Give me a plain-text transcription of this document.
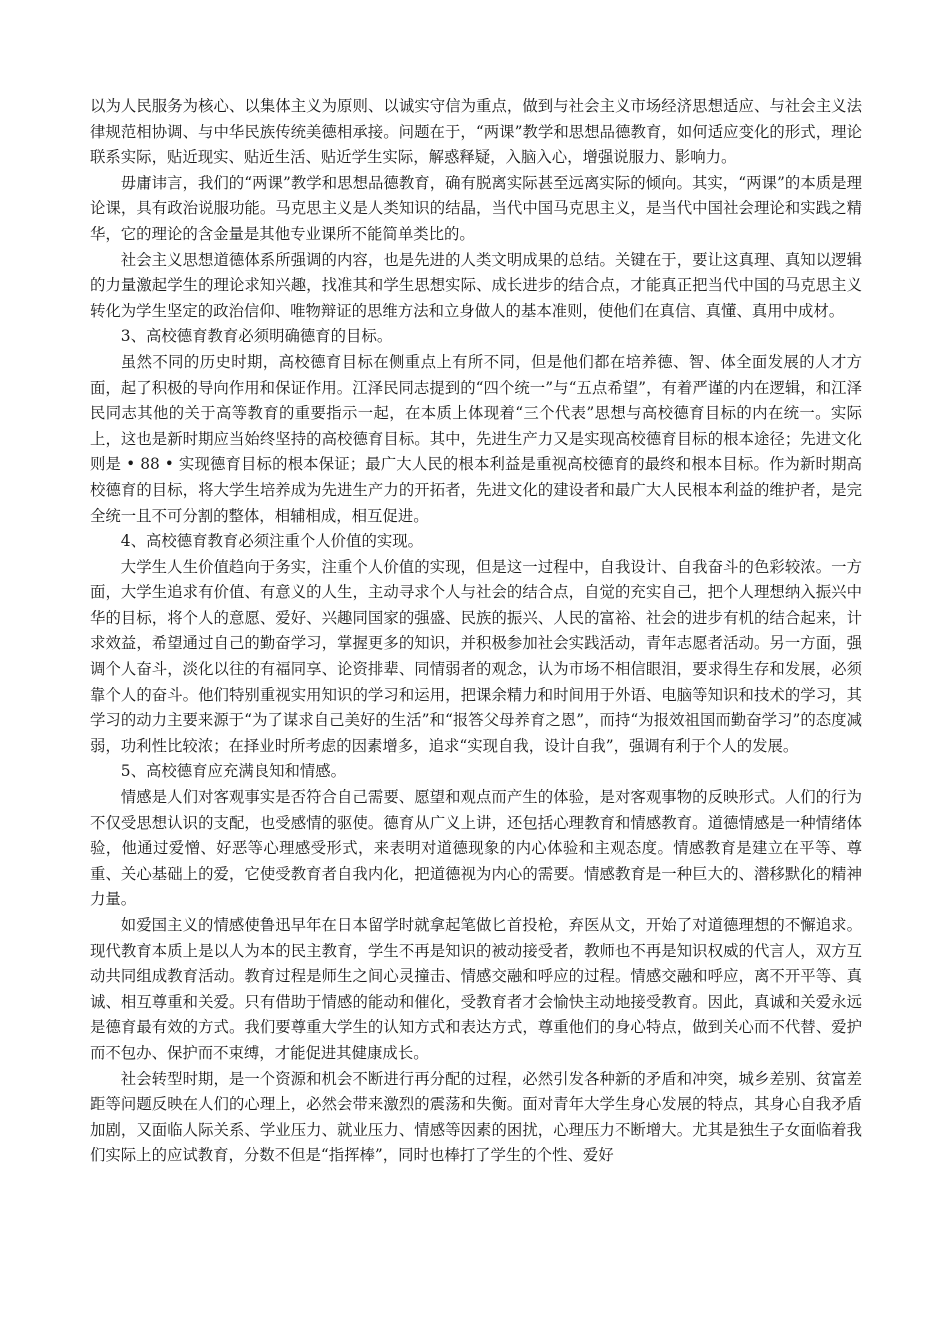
以为人民服务为核心、以集体主义为原则、以诚实守信为重点，做到与社会主义市场经济思想适应、与社会主义法律规范相协调、与中华民族传统美德相承接。问题在于，“两课”教学和思想品德教育，如何适应变化的形式，理论联系实际，贴近现实、贴近生活、贴近学生实际，解惑释疑，入脑入心，增强说服力、影响力。

毋庸讳言，我们的“两课”教学和思想品德教育，确有脱离实际甚至远离实际的倾向。其实，“两课”的本质是理论课，具有政治说服功能。马克思主义是人类知识的结晶，当代中国马克思主义，是当代中国社会理论和实践之精华，它的理论的含金量是其他专业课所不能简单类比的。

社会主义思想道德体系所强调的内容，也是先进的人类文明成果的总结。关键在于，要让这真理、真知以逻辑的力量激起学生的理论求知兴趣，找准其和学生思想实际、成长进步的结合点，才能真正把当代中国的马克思主义转化为学生坚定的政治信仰、唯物辩证的思维方法和立身做人的基本准则，使他们在真信、真懂、真用中成材。

3、高校德育教育必须明确德育的目标。

虽然不同的历史时期，高校德育目标在侧重点上有所不同，但是他们都在培养德、智、体全面发展的人才方面，起了积极的导向作用和保证作用。江泽民同志提到的“四个统一”与“五点希望”，有着严谨的内在逻辑，和江泽民同志其他的关于高等教育的重要指示一起，在本质上体现着“三个代表”思想与高校德育目标的内在统一。实际上，这也是新时期应当始终坚持的高校德育目标。其中，先进生产力又是实现高校德育目标的根本途径；先进文化则是 • 88 • 实现德育目标的根本保证；最广大人民的根本利益是重视高校德育的最终和根本目标。作为新时期高校德育的目标，将大学生培养成为先进生产力的开拓者，先进文化的建设者和最广大人民根本利益的维护者，是完全统一且不可分割的整体，相辅相成，相互促进。

4、高校德育教育必须注重个人价值的实现。

大学生人生价值趋向于务实，注重个人价值的实现，但是这一过程中，自我设计、自我奋斗的色彩较浓。一方面，大学生追求有价值、有意义的人生，主动寻求个人与社会的结合点，自觉的充实自己，把个人理想纳入振兴中华的目标，将个人的意愿、爱好、兴趣同国家的强盛、民族的振兴、人民的富裕、社会的进步有机的结合起来，计求效益，希望通过自己的勤奋学习，掌握更多的知识，并积极参加社会实践活动，青年志愿者活动。另一方面，强调个人奋斗，淡化以往的有福同享、论资排辈、同情弱者的观念，认为市场不相信眼泪，要求得生存和发展，必须靠个人的奋斗。他们特别重视实用知识的学习和运用，把课余精力和时间用于外语、电脑等知识和技术的学习，其学习的动力主要来源于“为了谋求自己美好的生活”和“报答父母养育之恩”，而持“为报效祖国而勤奋学习”的态度减弱，功利性比较浓；在择业时所考虑的因素增多，追求“实现自我，设计自我”，强调有利于个人的发展。

5、高校德育应充满良知和情感。

情感是人们对客观事实是否符合自己需要、愿望和观点而产生的体验，是对客观事物的反映形式。人们的行为不仅受思想认识的支配，也受感情的驱使。德育从广义上讲，还包括心理教育和情感教育。道德情感是一种情绪体验，他通过爱憎、好恶等心理感受形式，来表明对道德现象的内心体验和主观态度。情感教育是建立在平等、尊重、关心基础上的爱，它使受教育者自我内化，把道德视为内心的需要。情感教育是一种巨大的、潜移默化的精神力量。

如爱国主义的情感使鲁迅早年在日本留学时就拿起笔做匕首投枪，弃医从文，开始了对道德理想的不懈追求。现代教育本质上是以人为本的民主教育，学生不再是知识的被动接受者，教师也不再是知识权威的代言人，双方互动共同组成教育活动。教育过程是师生之间心灵撞击、情感交融和呼应的过程。情感交融和呼应，离不开平等、真诚、相互尊重和关爱。只有借助于情感的能动和催化，受教育者才会愉快主动地接受教育。因此，真诚和关爱永远是德育最有效的方式。我们要尊重大学生的认知方式和表达方式，尊重他们的身心特点，做到关心而不代替、爱护而不包办、保护而不束缚，才能促进其健康成长。

社会转型时期，是一个资源和机会不断进行再分配的过程，必然引发各种新的矛盾和冲突，城乡差别、贫富差距等问题反映在人们的心理上，必然会带来激烈的震荡和失衡。面对青年大学生身心发展的特点，其身心自我矛盾加剧，又面临人际关系、学业压力、就业压力、情感等因素的困扰，心理压力不断增大。尤其是独生子女面临着我们实际上的应试教育，分数不但是“指挥棒”，同时也棒打了学生的个性、爱好
